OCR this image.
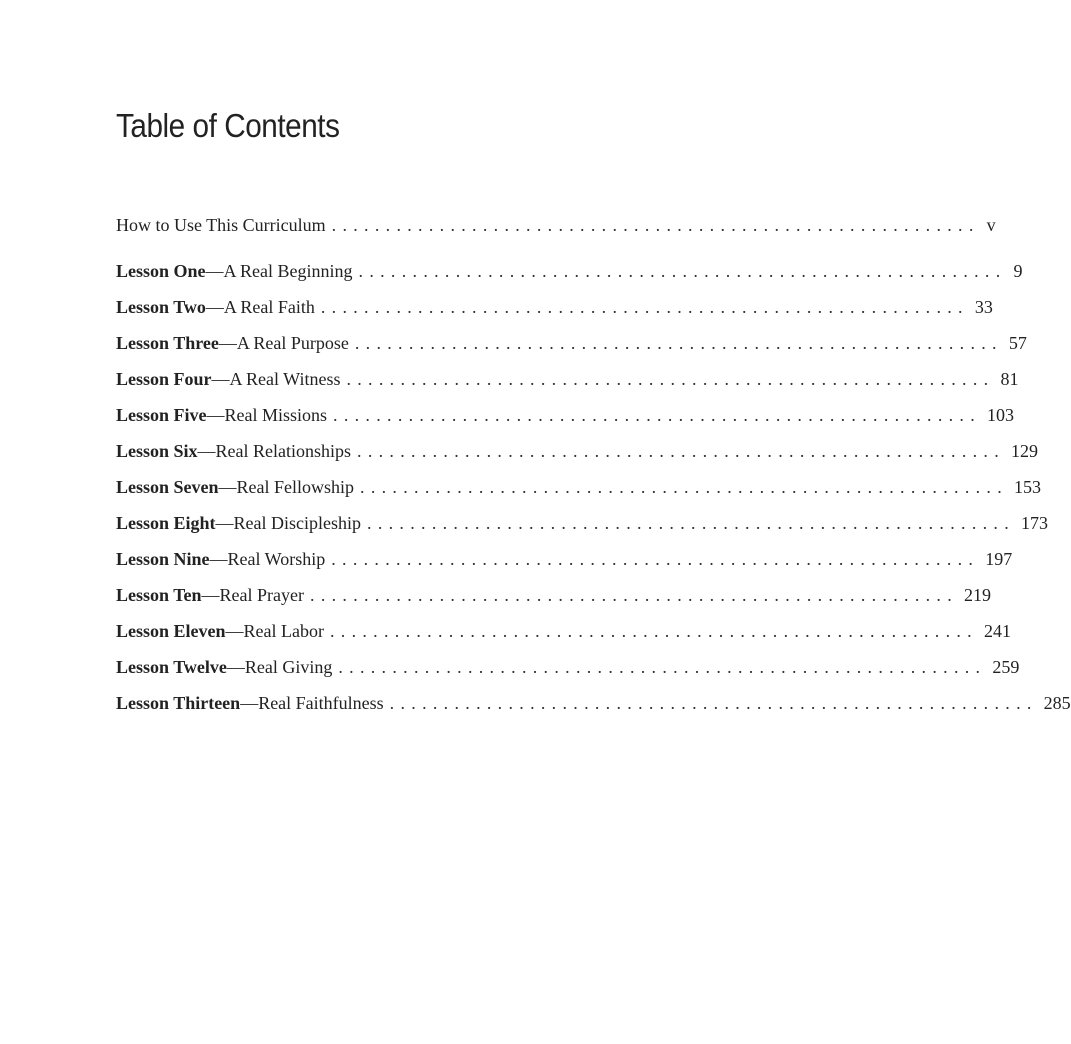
Table of Contents
How to Use This Curriculum ............................................................ v
Lesson One—A Real Beginning ............................................................ 9
Lesson Two—A Real Faith ............................................................ 33
Lesson Three—A Real Purpose ............................................................ 57
Lesson Four—A Real Witness ............................................................ 81
Lesson Five—Real Missions ............................................................ 103
Lesson Six—Real Relationships ............................................................ 129
Lesson Seven—Real Fellowship ............................................................ 153
Lesson Eight—Real Discipleship ............................................................ 173
Lesson Nine—Real Worship ............................................................ 197
Lesson Ten—Real Prayer ............................................................ 219
Lesson Eleven—Real Labor ............................................................ 241
Lesson Twelve—Real Giving ............................................................ 259
Lesson Thirteen—Real Faithfulness ............................................................ 285
